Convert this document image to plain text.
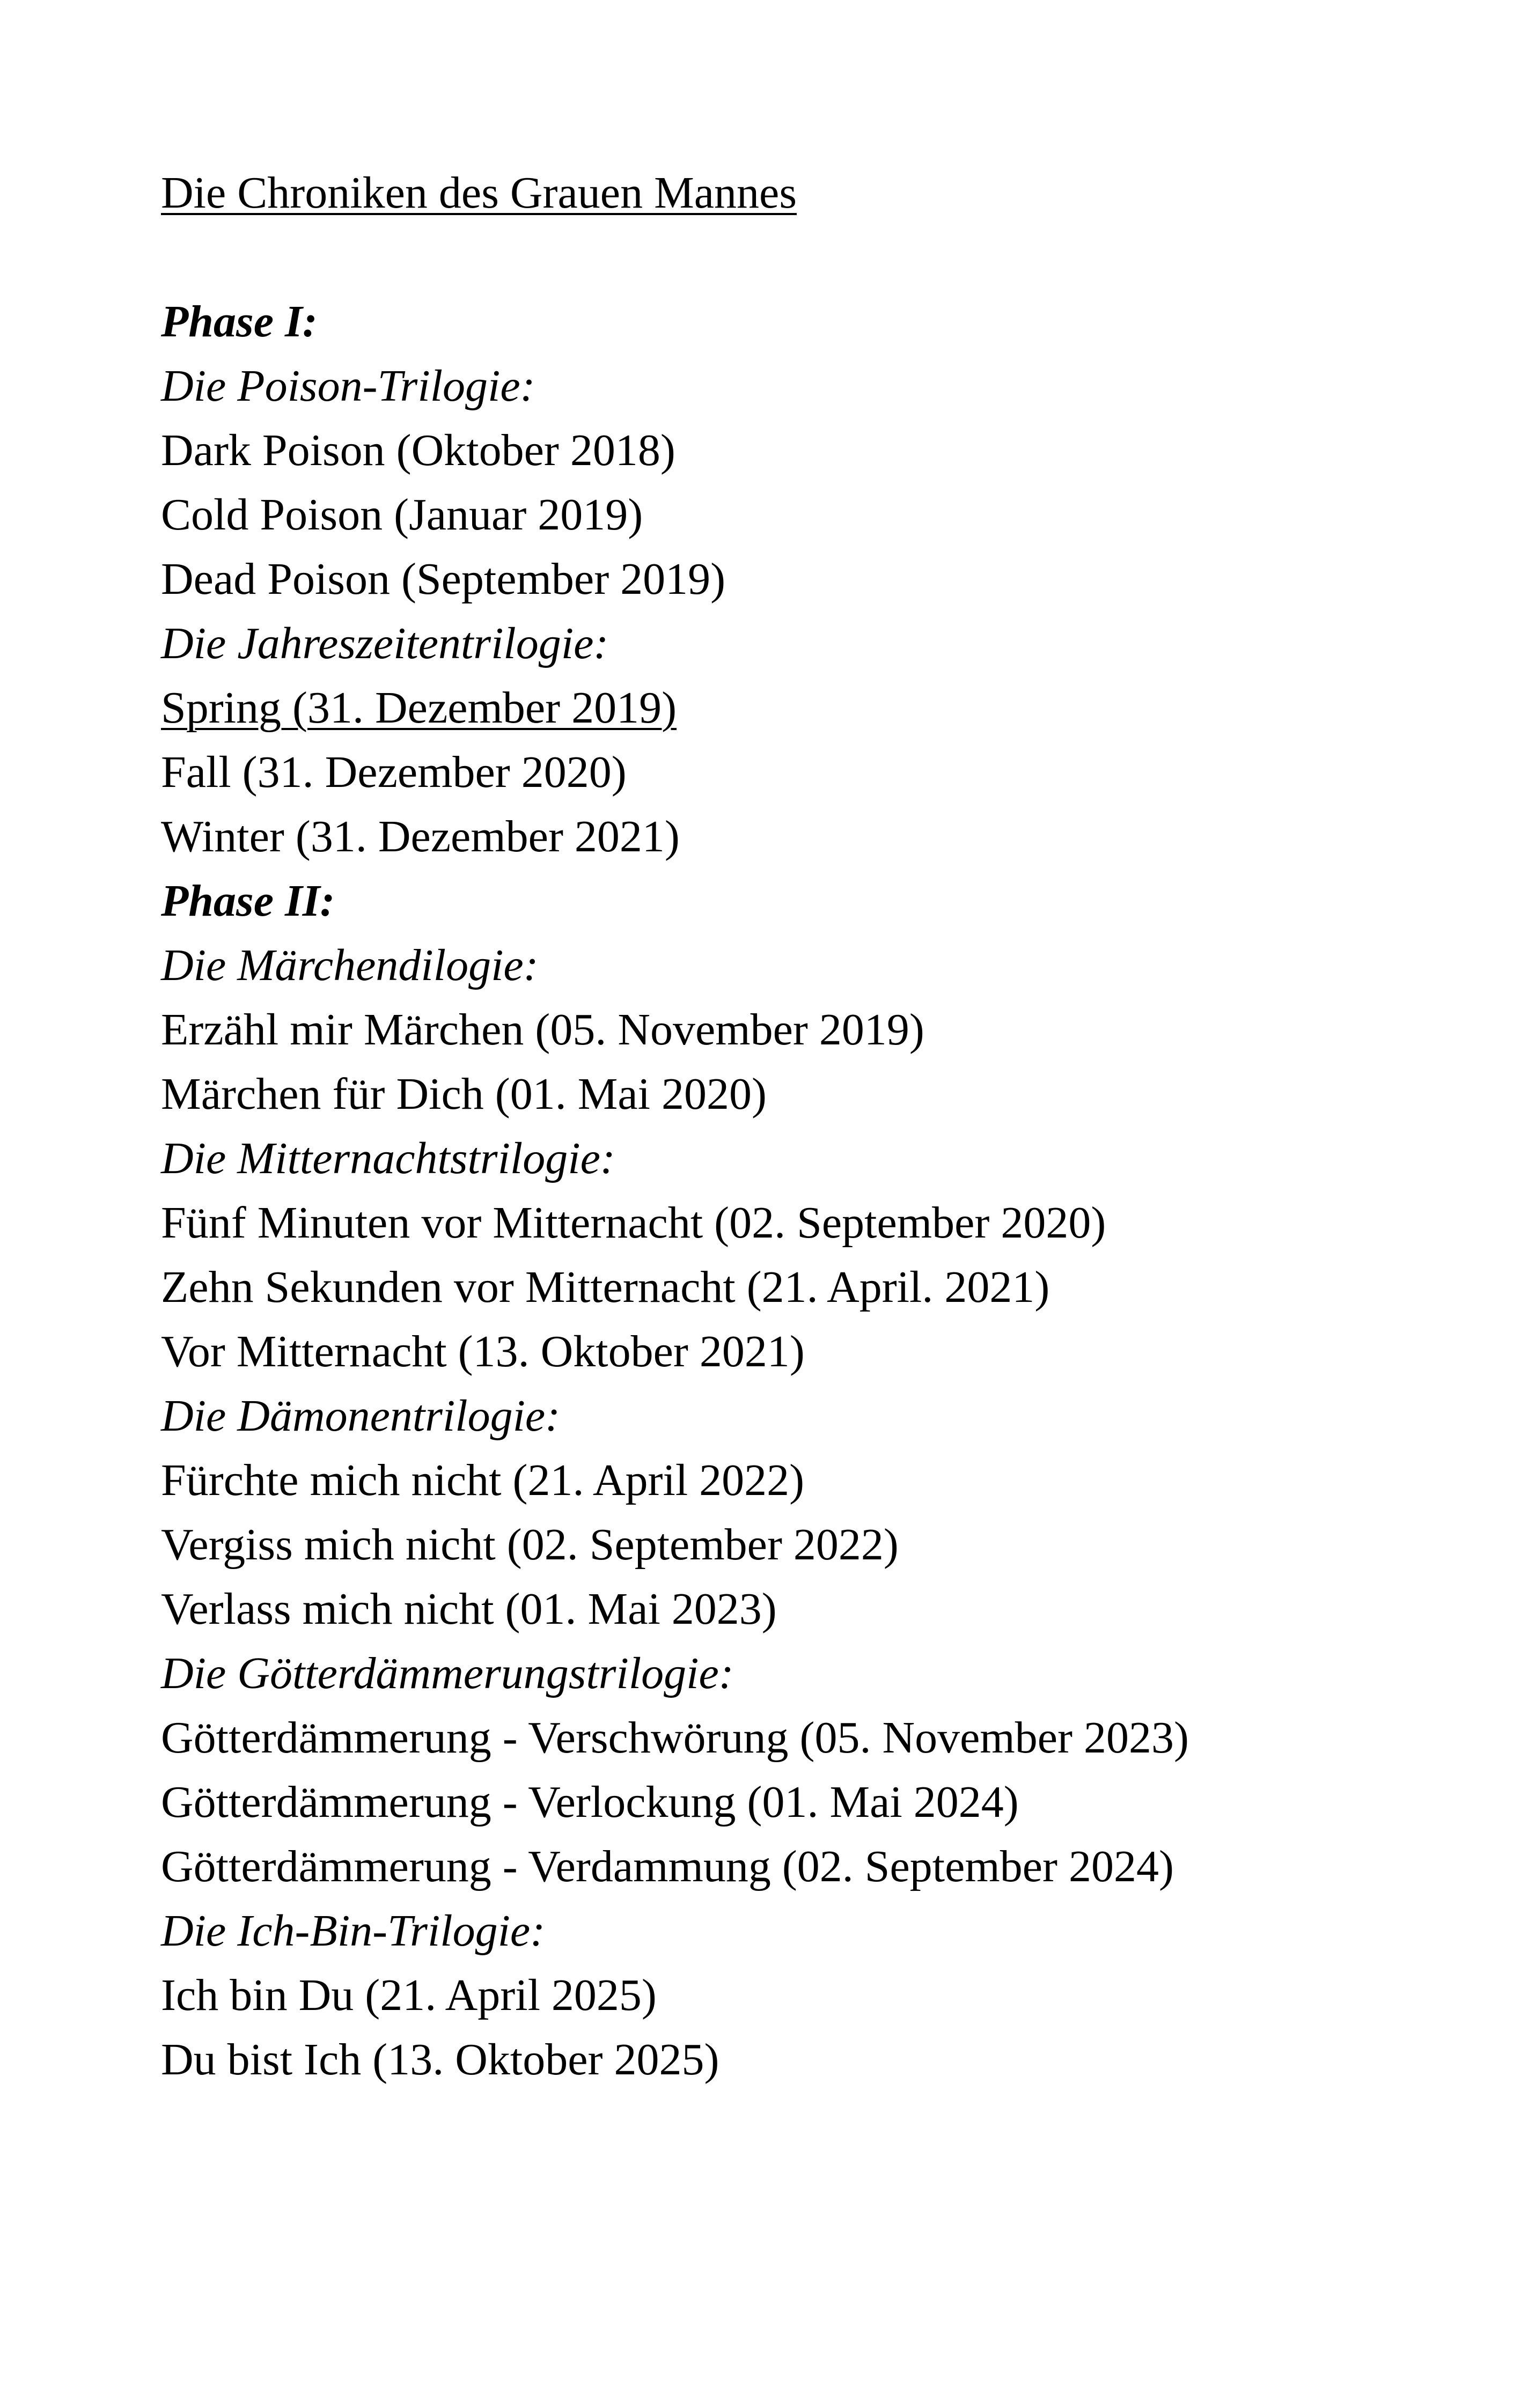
Die Chroniken des Grauen Mannes
Phase I:
Die Poison-Trilogie:
Dark Poison (Oktober 2018)
Cold Poison (Januar 2019)
Dead Poison (September 2019)
Die Jahreszeitentrilogie:
Spring (31. Dezember 2019)
Fall (31. Dezember 2020)
Winter (31. Dezember 2021)
Phase II:
Die Märchendilogie:
Erzähl mir Märchen (05. November 2019)
Märchen für Dich (01. Mai 2020)
Die Mitternachtstrilogie:
Fünf Minuten vor Mitternacht (02. September 2020)
Zehn Sekunden vor Mitternacht (21. April. 2021)
Vor Mitternacht (13. Oktober 2021)
Die Dämonentrilogie:
Fürchte mich nicht (21. April 2022)
Vergiss mich nicht (02. September 2022)
Verlass mich nicht (01. Mai 2023)
Die Götterdämmerungstrilogie:
Götterdämmerung - Verschwörung (05. November 2023)
Götterdämmerung - Verlockung (01. Mai 2024)
Götterdämmerung - Verdammung (02. September 2024)
Die Ich-Bin-Trilogie:
Ich bin Du (21. April 2025)
Du bist Ich (13. Oktober 2025)
